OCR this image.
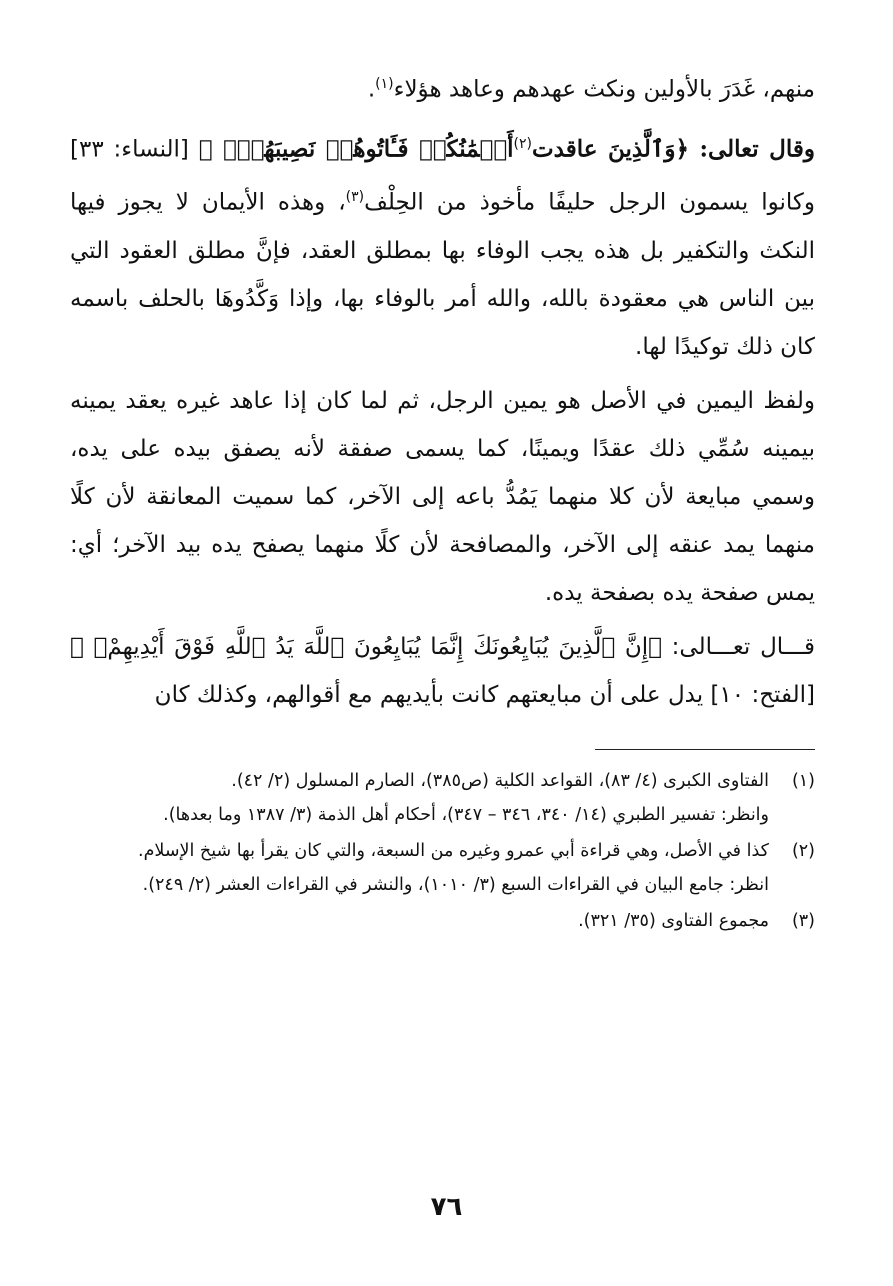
منهم، غَدَرَ بالأولين ونكث عهدهم وعاهد هؤلاء$^{(١)}$.

وقال تعالى: ﴿وَٱلَّذِينَ عاقدت$^{(٢)}$أَيۡمَٰنُكُمۡ فَـَٔاتُوهُمۡ نَصِيبَهُمۡۚ ﴾ [النساء: ٣٣] وكانوا يسمون الرجل حليفًا مأخوذ من الحِلْف$^{(٣)}$، وهذه الأيمان لا يجوز فيها النكث والتكفير بل هذه يجب الوفاء بها بمطلق العقد، فإنَّ مطلق العقود التي بين الناس هي معقودة بالله، والله أمر بالوفاء بها، وإذا وَكَّدُوهَا بالحلف باسمه كان ذلك توكيدًا لها.

ولفظ اليمين في الأصل هو يمين الرجل، ثم لما كان إذا عاهد غيره يعقد يمينه بيمينه سُمِّي ذلك عقدًا ويمينًا، كما يسمى صفقة لأنه يصفق بيده على يده، وسمي مبايعة لأن كلا منهما يَمُدُّ باعه إلى الآخر، كما سميت المعانقة لأن كلًا منهما يمد عنقه إلى الآخر، والمصافحة لأن كلًا منهما يصفح يده بيد الآخر؛ أي: يمس صفحة يده بصفحة يده.

قـــال تعـــالى: ﴿إِنَّ ٱلَّذِينَ يُبَايِعُونَكَ إِنَّمَا يُبَايِعُونَ ٱللَّهَ يَدُ ٱللَّهِ فَوْقَ أَيْدِيهِمْۚ ﴾ [الفتح: ١٠] يدل على أن مبايعتهم كانت بأيديهم مع أقوالهم، وكذلك كان

(١)
الفتاوى الكبرى (٤/ ٨٣)، القواعد الكلية (ص٣٨٥)، الصارم المسلول (٢/ ٤٢).
وانظر: تفسير الطبري (١٤/ ٣٤٠، ٣٤٦ – ٣٤٧)، أحكام أهل الذمة (٣/ ١٣٨٧ وما بعدها).
(٢)
كذا في الأصل، وهي قراءة أبي عمرو وغيره من السبعة، والتي كان يقرأ بها شيخ الإسلام.
انظر: جامع البيان في القراءات السبع (٣/ ١٠١٠)، والنشر في القراءات العشر (٢/ ٢٤٩).
(٣)
مجموع الفتاوى (٣٥/ ٣٢١).
٧٦
